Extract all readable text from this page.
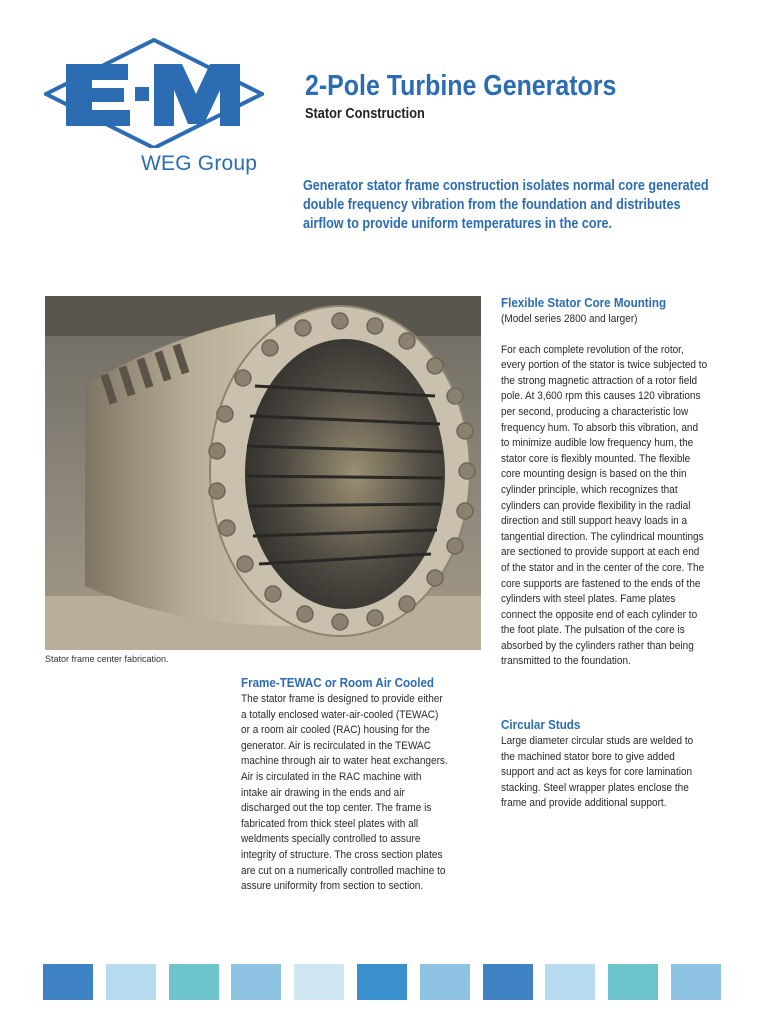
WEG Group
2-Pole Turbine Generators
Stator Construction
Generator stator frame construction isolates normal core generated double frequency vibration from the foundation and distributes airflow to provide uniform temperatures in the core.
Stator frame center fabrication.
Frame-TEWAC or Room Air Cooled

The stator frame is designed to provide either a totally enclosed water-air-cooled (TEWAC) or a room air cooled (RAC) housing for the generator. Air is recirculated in the TEWAC machine through air to water heat exchangers. Air is circulated in the RAC machine with intake air drawing in the ends and air discharged out the top center. The frame is fabricated from thick steel plates with all weldments specially controlled to assure integrity of structure. The cross section plates are cut on a numerically controlled machine to assure uniformity from section to section.

Flexible Stator Core Mounting

(Model series 2800 and larger)

For each complete revolution of the rotor, every portion of the stator is twice subjected to the strong magnetic attraction of a rotor field pole. At 3,600 rpm this causes 120 vibrations per second, producing a characteristic low frequency hum. To absorb this vibration, and to minimize audible low frequency hum, the stator core is flexibly mounted. The flexible core mounting design is based on the thin cylinder principle, which recognizes that cylinders can provide flexibility in the radial direction and still support heavy loads in a tangential direction. The cylindrical mountings are sectioned to provide support at each end of the stator and in the center of the core. The core supports are fastened to the ends of the cylinders with steel plates. Fame plates connect the opposite end of each cylinder to the foot plate. The pulsation of the core is absorbed by the cylinders rather than being transmitted to the foundation.

Circular Studs

Large diameter circular studs are welded to the machined stator bore to give added support and act as keys for core lamination stacking. Steel wrapper plates enclose the frame and provide additional support.
